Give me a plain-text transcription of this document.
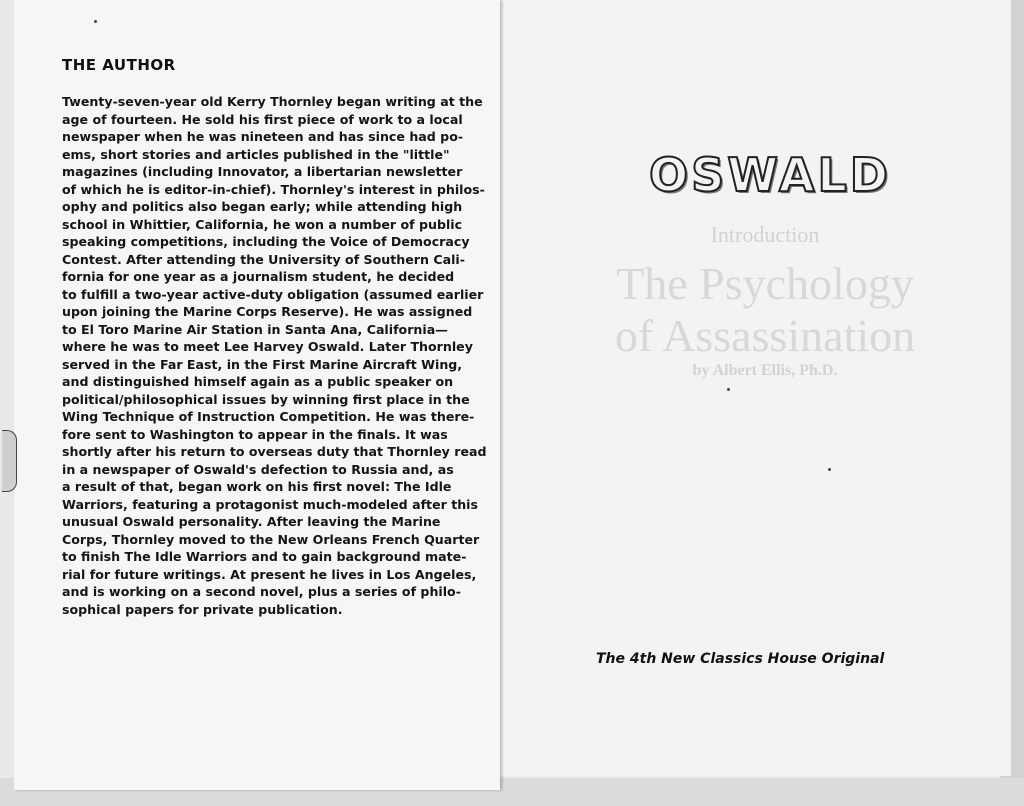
OSWALD
Introduction
The Psychology
of Assassination
by Albert Ellis, Ph.D.
The 4th New Classics House Original
THE AUTHOR
Twenty-seven-year old Kerry Thornley began writing at the
age of fourteen. He sold his first piece of work to a local
newspaper when he was nineteen and has since had po-
ems, short stories and articles published in the "little"
magazines (including Innovator, a libertarian newsletter
of which he is editor-in-chief). Thornley's interest in philos-
ophy and politics also began early; while attending high
school in Whittier, California, he won a number of public
speaking competitions, including the Voice of Democracy
Contest. After attending the University of Southern Cali-
fornia for one year as a journalism student, he decided
to fulfill a two-year active-duty obligation (assumed earlier
upon joining the Marine Corps Reserve). He was assigned
to El Toro Marine Air Station in Santa Ana, California—
where he was to meet Lee Harvey Oswald. Later Thornley
served in the Far East, in the First Marine Aircraft Wing,
and distinguished himself again as a public speaker on
political/philosophical issues by winning first place in the
Wing Technique of Instruction Competition. He was there-
fore sent to Washington to appear in the finals. It was
shortly after his return to overseas duty that Thornley read
in a newspaper of Oswald's defection to Russia and, as
a result of that, began work on his first novel: The Idle
Warriors, featuring a protagonist much-modeled after this
unusual Oswald personality. After leaving the Marine
Corps, Thornley moved to the New Orleans French Quarter
to finish The Idle Warriors and to gain background mate-
rial for future writings. At present he lives in Los Angeles,
and is working on a second novel, plus a series of philo-
sophical papers for private publication.
